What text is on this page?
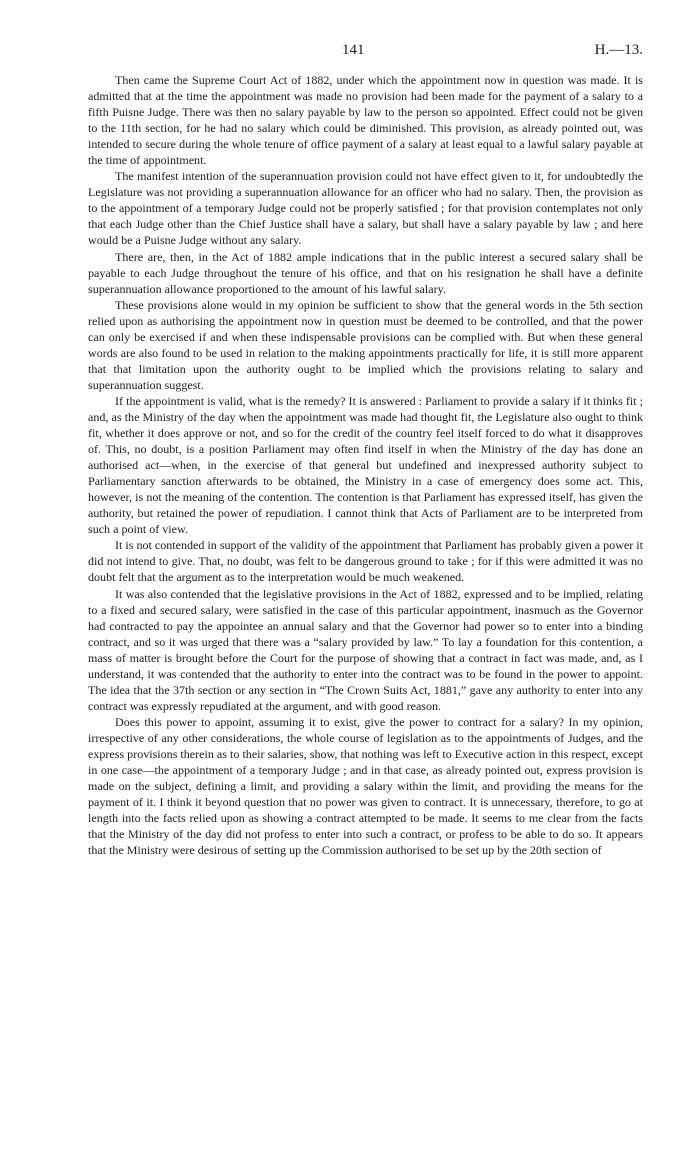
141	H.—13.

Then came the Supreme Court Act of 1882, under which the appointment now in question was made. It is admitted that at the time the appointment was made no provision had been made for the payment of a salary to a fifth Puisne Judge. There was then no salary payable by law to the person so appointed. Effect could not be given to the 11th section, for he had no salary which could be diminished. This provision, as already pointed out, was intended to secure during the whole tenure of office payment of a salary at least equal to a lawful salary payable at the time of appointment.

The manifest intention of the superannuation provision could not have effect given to it, for undoubtedly the Legislature was not providing a superannuation allowance for an officer who had no salary. Then, the provision as to the appointment of a temporary Judge could not be properly satisfied ; for that provision contemplates not only that each Judge other than the Chief Justice shall have a salary, but shall have a salary payable by law ; and here would be a Puisne Judge without any salary.

There are, then, in the Act of 1882 ample indications that in the public interest a secured salary shall be payable to each Judge throughout the tenure of his office, and that on his resignation he shall have a definite superannuation allowance proportioned to the amount of his lawful salary.

These provisions alone would in my opinion be sufficient to show that the general words in the 5th section relied upon as authorising the appointment now in question must be deemed to be controlled, and that the power can only be exercised if and when these indispensable provisions can be complied with. But when these general words are also found to be used in relation to the making appointments practically for life, it is still more apparent that that limitation upon the authority ought to be implied which the provisions relating to salary and superannuation suggest.

If the appointment is valid, what is the remedy? It is answered : Parliament to provide a salary if it thinks fit ; and, as the Ministry of the day when the appointment was made had thought fit, the Legislature also ought to think fit, whether it does approve or not, and so for the credit of the country feel itself forced to do what it disapproves of. This, no doubt, is a position Parliament may often find itself in when the Ministry of the day has done an authorised act—when, in the exercise of that general but undefined and inexpressed authority subject to Parliamentary sanction afterwards to be obtained, the Ministry in a case of emergency does some act. This, however, is not the meaning of the contention. The contention is that Parliament has expressed itself, has given the authority, but retained the power of repudiation. I cannot think that Acts of Parliament are to be interpreted from such a point of view.

It is not contended in support of the validity of the appointment that Parliament has probably given a power it did not intend to give. That, no doubt, was felt to be dangerous ground to take ; for if this were admitted it was no doubt felt that the argument as to the interpretation would be much weakened.

It was also contended that the legislative provisions in the Act of 1882, expressed and to be implied, relating to a fixed and secured salary, were satisfied in the case of this particular appointment, inasmuch as the Governor had contracted to pay the appointee an annual salary and that the Governor had power so to enter into a binding contract, and so it was urged that there was a “salary provided by law.” To lay a foundation for this contention, a mass of matter is brought before the Court for the purpose of showing that a contract in fact was made, and, as I understand, it was contended that the authority to enter into the contract was to be found in the power to appoint. The idea that the 37th section or any section in “The Crown Suits Act, 1881,” gave any authority to enter into any contract was expressly repudiated at the argument, and with good reason.

Does this power to appoint, assuming it to exist, give the power to contract for a salary? In my opinion, irrespective of any other considerations, the whole course of legislation as to the appointments of Judges, and the express provisions therein as to their salaries, show, that nothing was left to Executive action in this respect, except in one case—the appointment of a temporary Judge ; and in that case, as already pointed out, express provision is made on the subject, defining a limit, and providing a salary within the limit, and providing the means for the payment of it. I think it beyond question that no power was given to contract. It is unnecessary, therefore, to go at length into the facts relied upon as showing a contract attempted to be made. It seems to me clear from the facts that the Ministry of the day did not profess to enter into such a contract, or profess to be able to do so. It appears that the Ministry were desirous of setting up the Commission authorised to be set up by the 20th section of
